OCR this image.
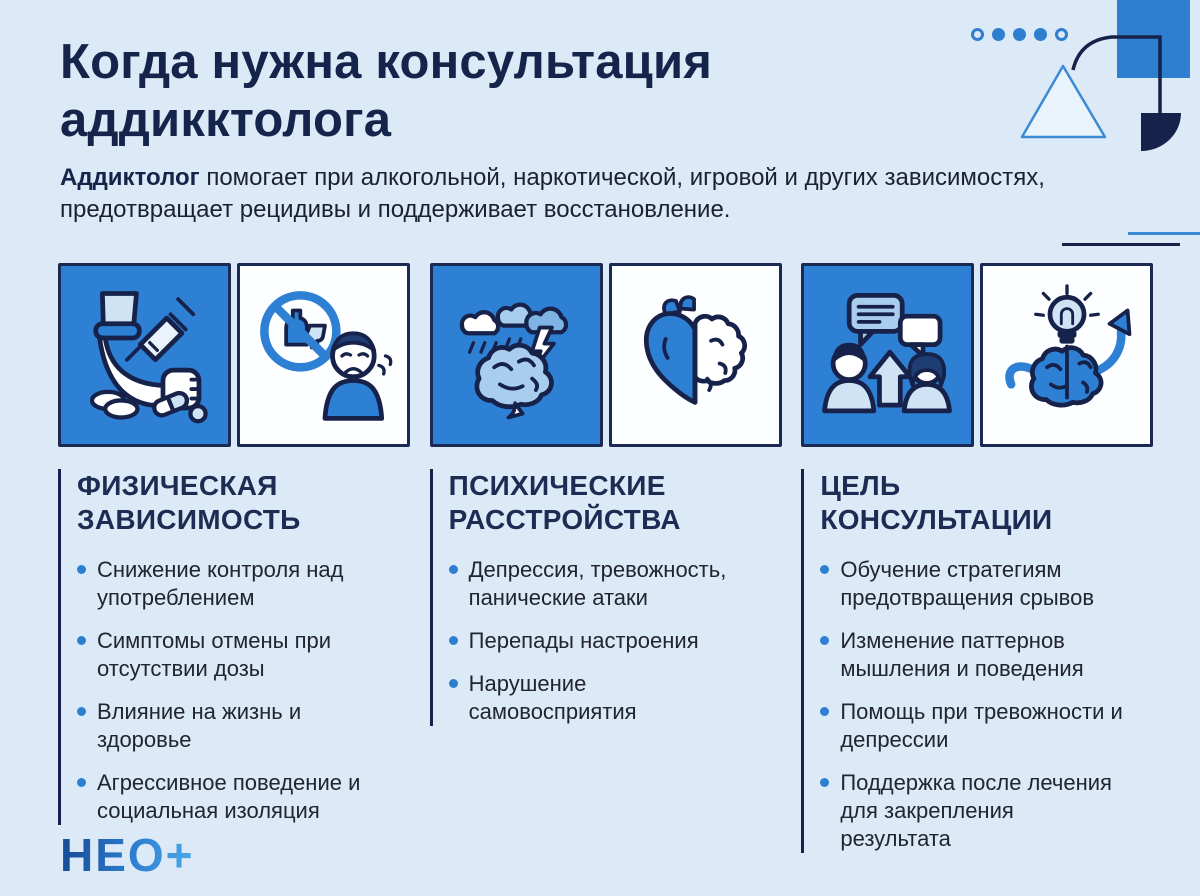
Когда нужна консультация аддикктолога

Аддиктолог помогает при алкогольной, наркотической, игровой и других зависимостях, предотвращает рецидивы и поддерживает восстановление.

ФИЗИЧЕСКАЯ
ЗАВИСИМОСТЬ
Снижение контроля над употреблением
Симптомы отмены при отсутствии дозы
Влияние на жизнь и здоровье
Агрессивное поведение и социальная изоляция
ПСИХИЧЕСКИЕ
РАССТРОЙСТВА
Депрессия, тревожность, панические атаки
Перепады настроения
Нарушение самовосприятия
ЦЕЛЬ
КОНСУЛЬТАЦИИ
Обучение стратегиям предотвращения срывов
Изменение паттернов мышления и поведения
Помощь при тревожности и депрессии
Поддержка после лечения для закрепления результата
НЕО+
